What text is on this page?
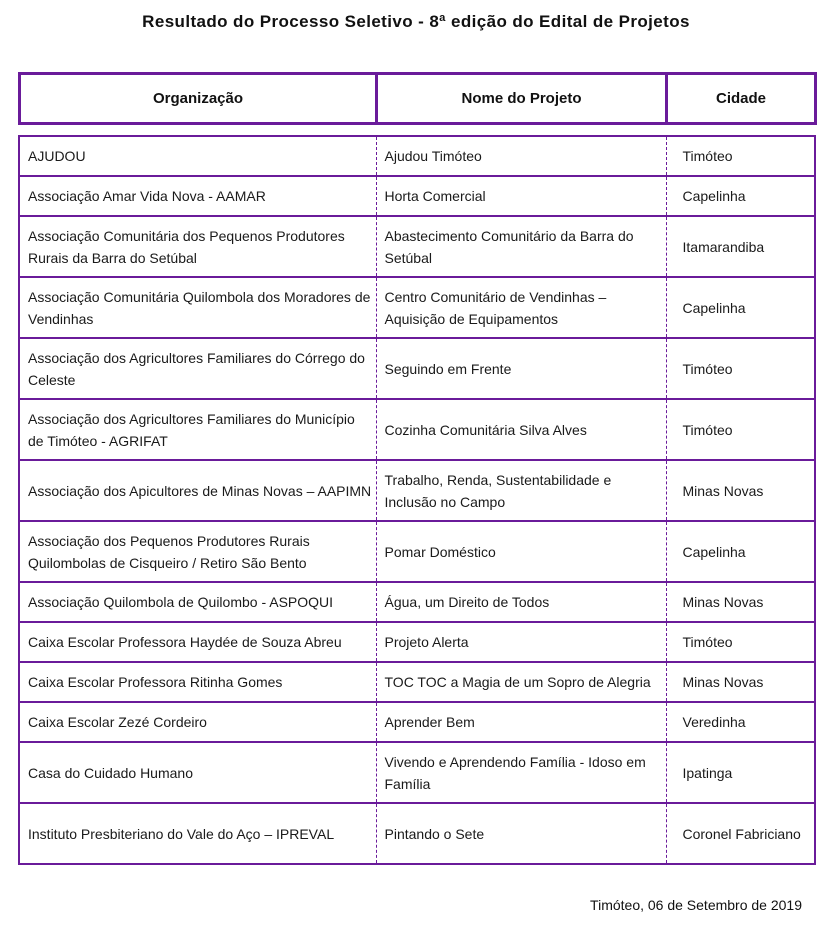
Resultado do Processo Seletivo - 8ª edição do Edital de Projetos
Organização	Nome do Projeto	Cidade
AJUDOU	Ajudou Timóteo	Timóteo
Associação Amar Vida Nova - AAMAR	Horta Comercial	Capelinha
Associação Comunitária dos Pequenos Produtores Rurais da Barra do Setúbal	Abastecimento Comunitário da Barra do Setúbal	Itamarandiba
Associação Comunitária Quilombola dos Moradores de Vendinhas	Centro Comunitário de Vendinhas – Aquisição de Equipamentos	Capelinha
Associação dos Agricultores Familiares do Córrego do Celeste	Seguindo em Frente	Timóteo
Associação dos Agricultores Familiares do Município de Timóteo - AGRIFAT	Cozinha Comunitária Silva Alves	Timóteo
Associação dos Apicultores de Minas Novas – AAPIMN	Trabalho, Renda, Sustentabilidade e Inclusão no Campo	Minas Novas
Associação dos Pequenos Produtores Rurais Quilombolas de Cisqueiro / Retiro São Bento	Pomar Doméstico	Capelinha
Associação Quilombola de Quilombo - ASPOQUI	Água, um Direito de Todos	Minas Novas
Caixa Escolar Professora Haydée de Souza Abreu	Projeto Alerta	Timóteo
Caixa Escolar Professora Ritinha Gomes	TOC TOC a Magia de um Sopro de Alegria	Minas Novas
Caixa Escolar Zezé Cordeiro	Aprender Bem	Veredinha
Casa do Cuidado Humano	Vivendo e Aprendendo Família - Idoso em Família	Ipatinga
Instituto Presbiteriano do Vale do Aço – IPREVAL	Pintando o Sete	Coronel Fabriciano
Timóteo, 06 de Setembro de 2019
